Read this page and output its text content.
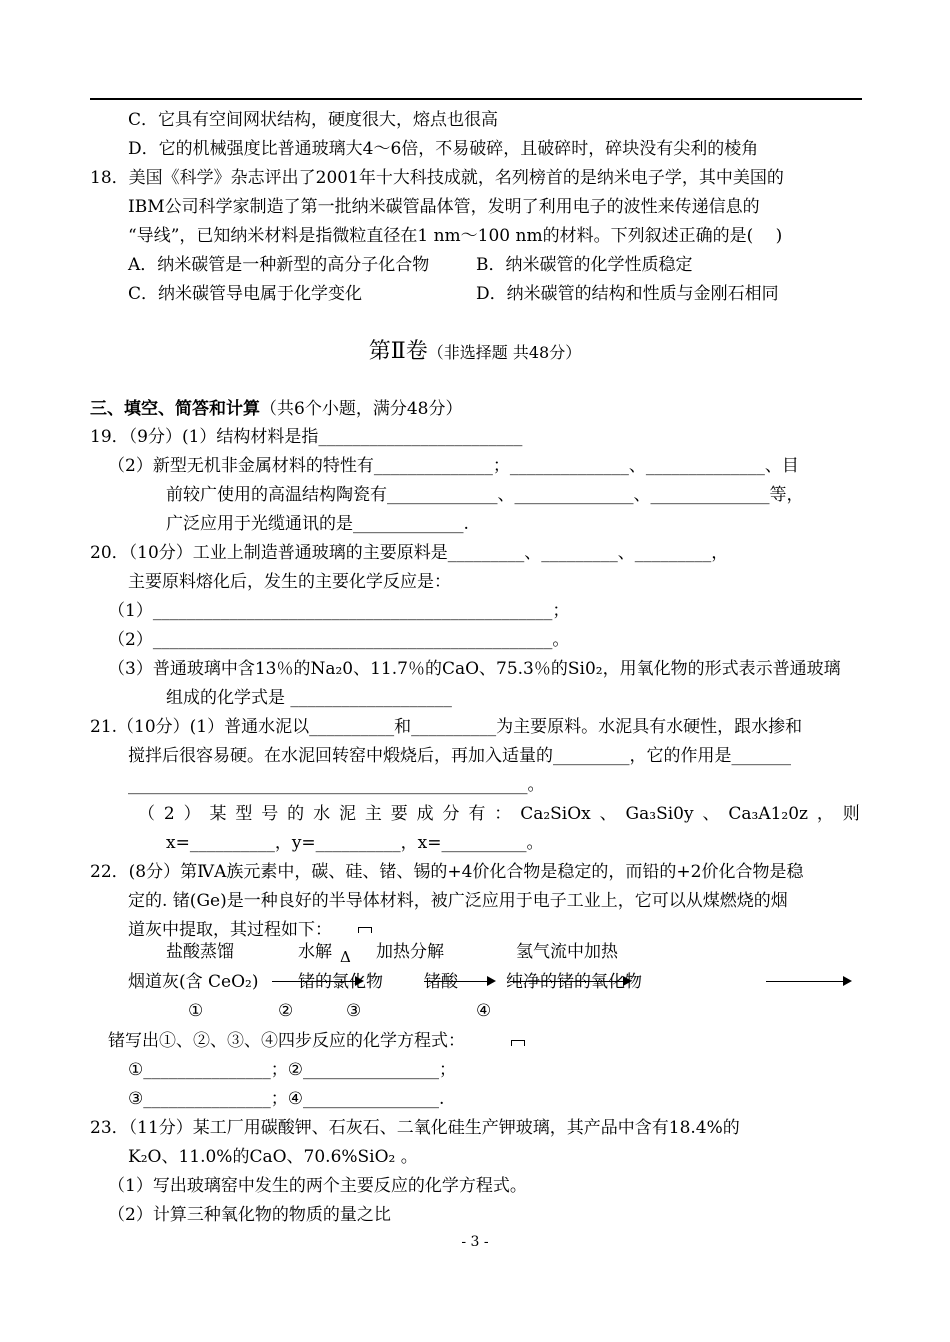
C．它具有空间网状结构，硬度很大，熔点也很高
D．它的机械强度比普通玻璃大4～6倍，不易破碎，且破碎时，碎块没有尖利的棱角
18．美国《科学》杂志评出了2001年十大科技成就，名列榜首的是纳米电子学，其中美国的
IBM公司科学家制造了第一批纳米碳管晶体管，发明了利用电子的波性来传递信息的
“导线”，已知纳米材料是指微粒直径在1 nm～100 nm的材料。下列叙述正确的是(　 )
A．纳米碳管是一种新型的高分子化合物	B．纳米碳管的化学性质稳定
C．纳米碳管导电属于化学变化	D．纳米碳管的结构和性质与金刚石相同
第Ⅱ卷（非选择题 共48分）
三、填空、简答和计算（共6个小题，满分48分）
19．（9分）(1）结构材料是指________________________
（2）新型无机非金属材料的特性有______________；______________、______________、目
前较广使用的高温结构陶瓷有_____________、______________、______________等，
广泛应用于光缆通讯的是_____________.
20．（10分）工业上制造普通玻璃的主要原料是_________、_________、_________，
主要原料熔化后，发生的主要化学反应是：
（1）_______________________________________________；
（2）_______________________________________________。
（3）普通玻璃中含13％的Na₂0、11.7％的CaO、75.3％的Si0₂，用氧化物的形式表示普通玻璃
组成的化学式是 ___________________
21.（10分）(1）普通水泥以__________和__________为主要原料。水泥具有水硬性，跟水掺和
搅拌后很容易硬。在水泥回转窑中煅烧后，再加入适量的_________，它的作用是_______
_______________________________________________。
（ 2 ） 某 型 号 的 水 泥 主 要 成 分 有 ： Ca₂SiOx 、 Ga₃Si0y 、 Ca₃A1₂0z ， 则
x=__________，y=__________，x=__________。
22．(8分）第ⅣA族元素中，碳、硅、锗、锡的+4价化合物是稳定的，而铅的+2价化合物是稳
定的. 锗(Ge)是一种良好的半导体材料，被广泛应用于电子工业上，它可以从煤燃烧的烟
道灰中提取，其过程如下：
盐酸蒸馏	水解 Δ 加热分解	氢气流中加热
烟道灰(含 CeO₂) 锗的氯化物 锗酸	纯净的锗的氧化物
①	②	③	④
锗写出①、②、③、④四步反应的化学方程式：
①_______________；②________________；
③_______________；④________________.
23．（11分）某工厂用碳酸钾、石灰石、二氧化硅生产钾玻璃，其产品中含有18.4%的
K₂O、11.0%的CaO、70.6%SiO₂ 。
（1）写出玻璃窑中发生的两个主要反应的化学方程式。
（2）计算三种氧化物的物质的量之比
- 3 -
